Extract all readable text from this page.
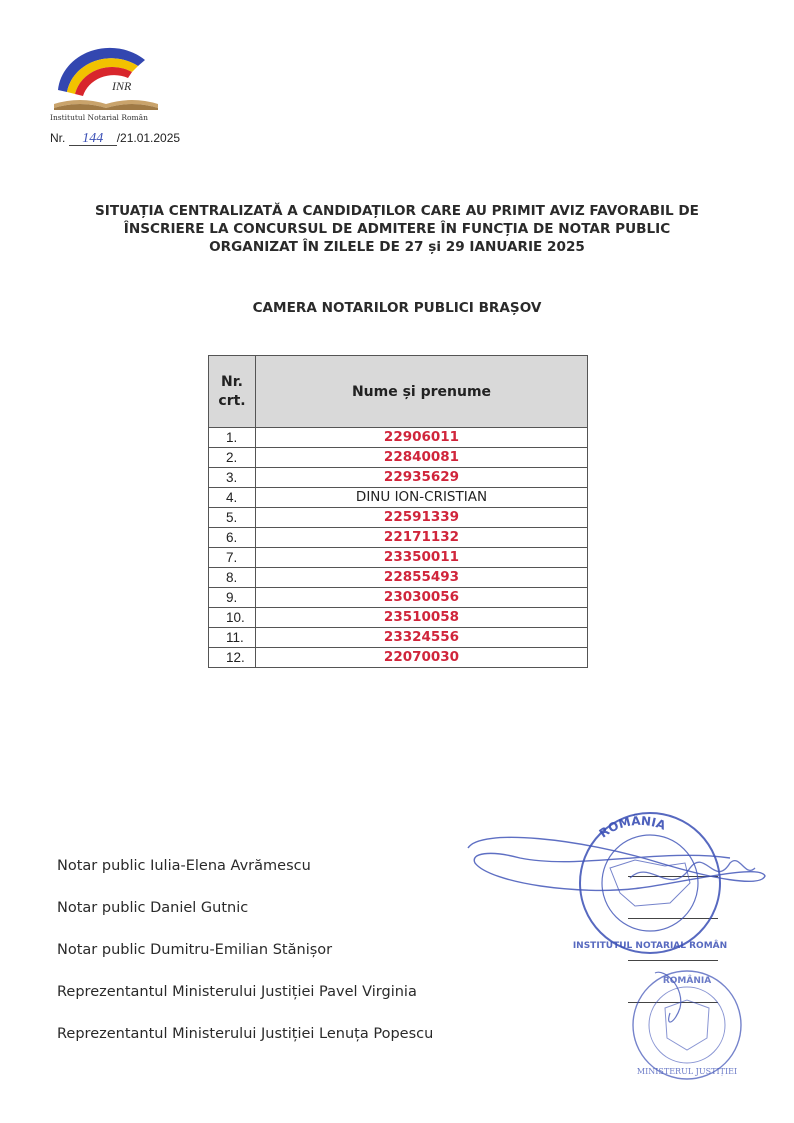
INR
Institutul Notarial Român
Nr. 144 /21.01.2025
SITUAȚIA CENTRALIZATĂ A CANDIDAȚILOR CARE AU PRIMIT AVIZ FAVORABIL DE
ÎNSCRIERE LA CONCURSUL DE ADMITERE ÎN FUNCȚIA DE NOTAR PUBLIC
ORGANIZAT ÎN ZILELE DE 27 și 29 IANUARIE 2025
CAMERA NOTARILOR PUBLICI BRAȘOV
Nr.
crt.	Nume și prenume
1.	22906011
2.	22840081
3.	22935629
4.	DINU ION-CRISTIAN
5.	22591339
6.	22171132
7.	23350011
8.	22855493
9.	23030056
10.	23510058
11.	23324556
12.	22070030
Notar public Iulia-Elena Avrămescu
Notar public Daniel Gutnic
Notar public Dumitru-Emilian Stănișor
Reprezentantul Ministerului Justiției Pavel Virginia
Reprezentantul Ministerului Justiției Lenuța Popescu
ROMÂNIA
INSTITUTUL NOTARIAL ROMÂN
ROMÂNIA
MINISTERUL JUSTIȚIEI
